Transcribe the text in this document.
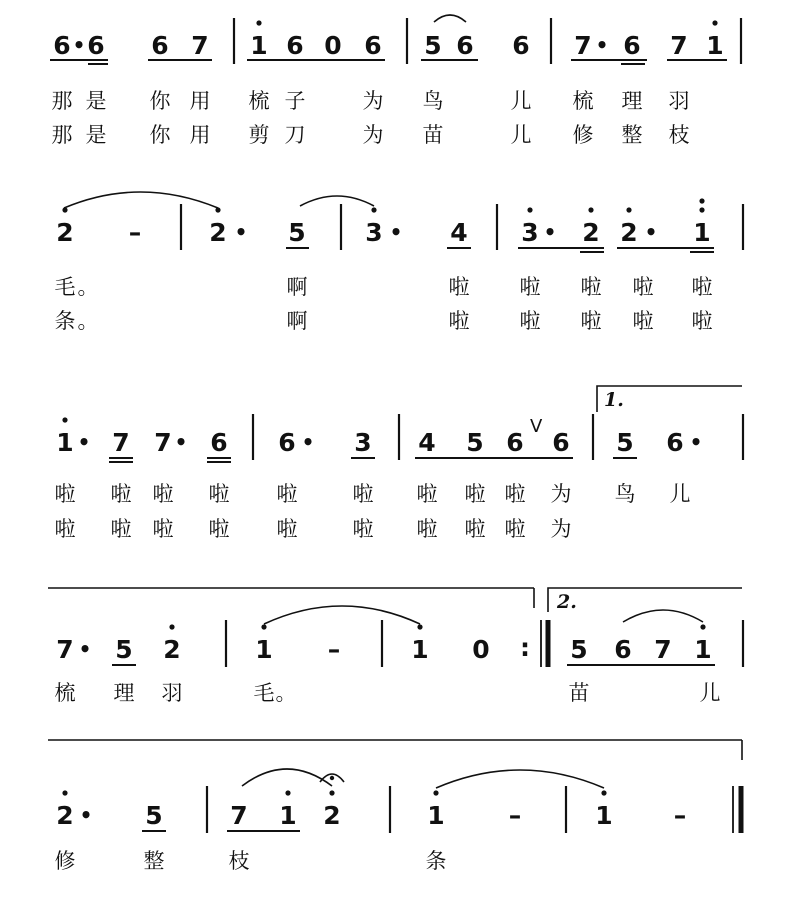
6 • 6 6 7 1 6 0 6 5 6 6 7 • 6 7 1
那 是 你 用 梳 子	为 鸟	儿 梳 理 羽
那 是 你 用 剪 刀	为 苗	儿 修 整 枝
2 –	2 • 5 3 • 4 3 • 2 2 • 1
毛 。	啊	啦 啦 啦 啦 啦
条 。	啊	啦 啦 啦 啦 啦
1 • 7 7 • 6 6 • 3 4 5 6
V
6 5 6 •
1.
啦 啦 啦 啦 啦	啦 啦 啦 啦 为 鸟 儿
啦 啦 啦 啦 啦	啦 啦 啦 啦 为
2.
7 • 5 2	1 –	1 0 : 5 6 7 1
梳 理 羽	毛 。	苗	儿
2 • 5	7 1 2	1	–	1 –
修	整	枝	条
